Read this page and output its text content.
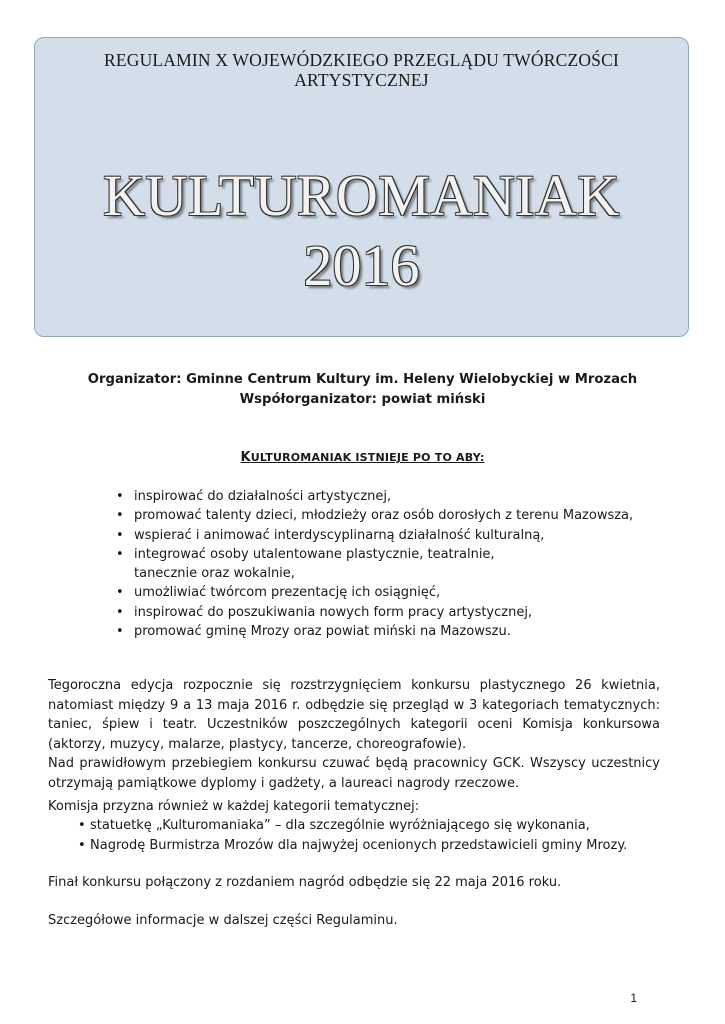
REGULAMIN X WOJEWÓDZKIEGO PRZEGLĄDU TWÓRCZOŚCI ARTYSTYCZNEJ
KULTUROMANIAK
2016
Organizator: Gminne Centrum Kultury im. Heleny Wielobyckiej w Mrozach
Współorganizator: powiat miński
KULTUROMANIAK ISTNIEJE PO TO ABY:
• inspirować do działalności artystycznej,
• promować talenty dzieci, młodzieży oraz osób dorosłych z terenu Mazowsza,
• wspierać i animować interdyscyplinarną działalność kulturalną,
• integrować osoby utalentowane plastycznie, teatralnie, tanecznie oraz wokalnie,
• umożliwiać twórcom prezentację ich osiągnięć,
• inspirować do poszukiwania nowych form pracy artystycznej,
• promować gminę Mrozy oraz powiat miński na Mazowszu.
Tegoroczna edycja rozpocznie się rozstrzygnięciem konkursu plastycznego 26 kwietnia,
natomiast między 9 a 13 maja 2016 r. odbędzie się przegląd w 3 kategoriach tematycznych:
taniec, śpiew i teatr. Uczestników poszczególnych kategorii oceni Komisja konkursowa
(aktorzy, muzycy, malarze, plastycy, tancerze, choreografowie).
Nad prawidłowym przebiegiem konkursu czuwać będą pracownicy GCK. Wszyscy uczestnicy
otrzymają pamiątkowe dyplomy i gadżety, a laureaci nagrody rzeczowe.
Komisja przyzna również w każdej kategorii tematycznej:
• statuetkę „Kulturomaniaka” – dla szczególnie wyróżniającego się wykonania,
• Nagrodę Burmistrza Mrozów dla najwyżej ocenionych przedstawicieli gminy Mrozy.
Finał konkursu połączony z rozdaniem nagród odbędzie się 22 maja 2016 roku.
Szczegółowe informacje w dalszej części Regulaminu.
1
